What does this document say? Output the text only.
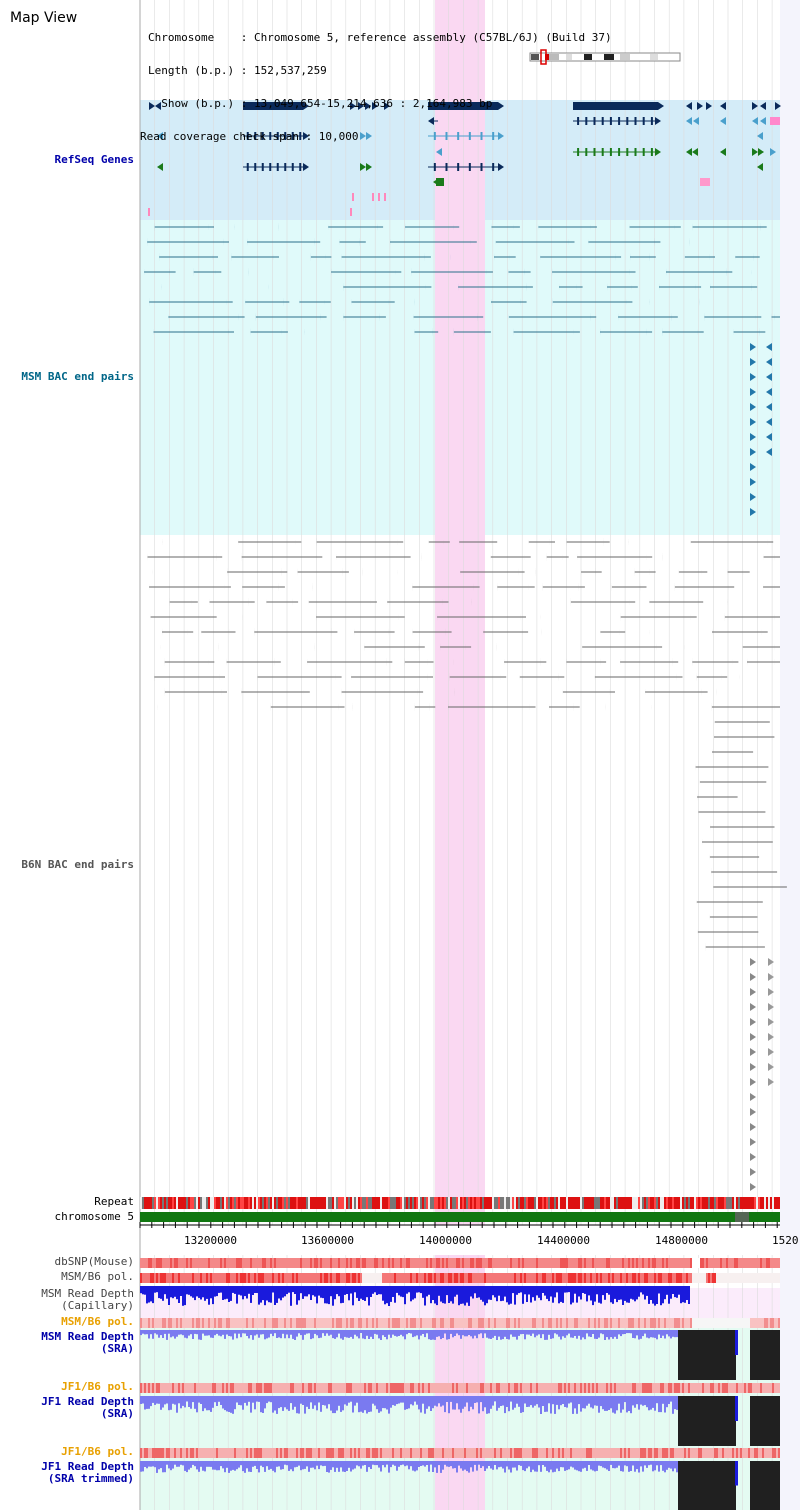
Map View

Chromosome    : Chromosome 5, reference assembly (C57BL/6J) (Build 37)

Length (b.p.) : 152,537,259

Show (b.p.) : 13,049,654-15,214,636 : 2,164,983 bp

Read coverage check span : 10,000

RefSeq Genes
MSM BAC end pairs
B6N BAC end pairs
Repeat
chromosome 5
13200000	13600000	14000000	14400000	14800000	1520
dbSNP(Mouse)
MSM/B6 pol.
MSM Read Depth
(Capillary)
MSM/B6 pol.
MSM Read Depth
(SRA)
JF1/B6 pol.
JF1 Read Depth
(SRA)
JF1/B6 pol.
JF1 Read Depth
(SRA trimmed)
